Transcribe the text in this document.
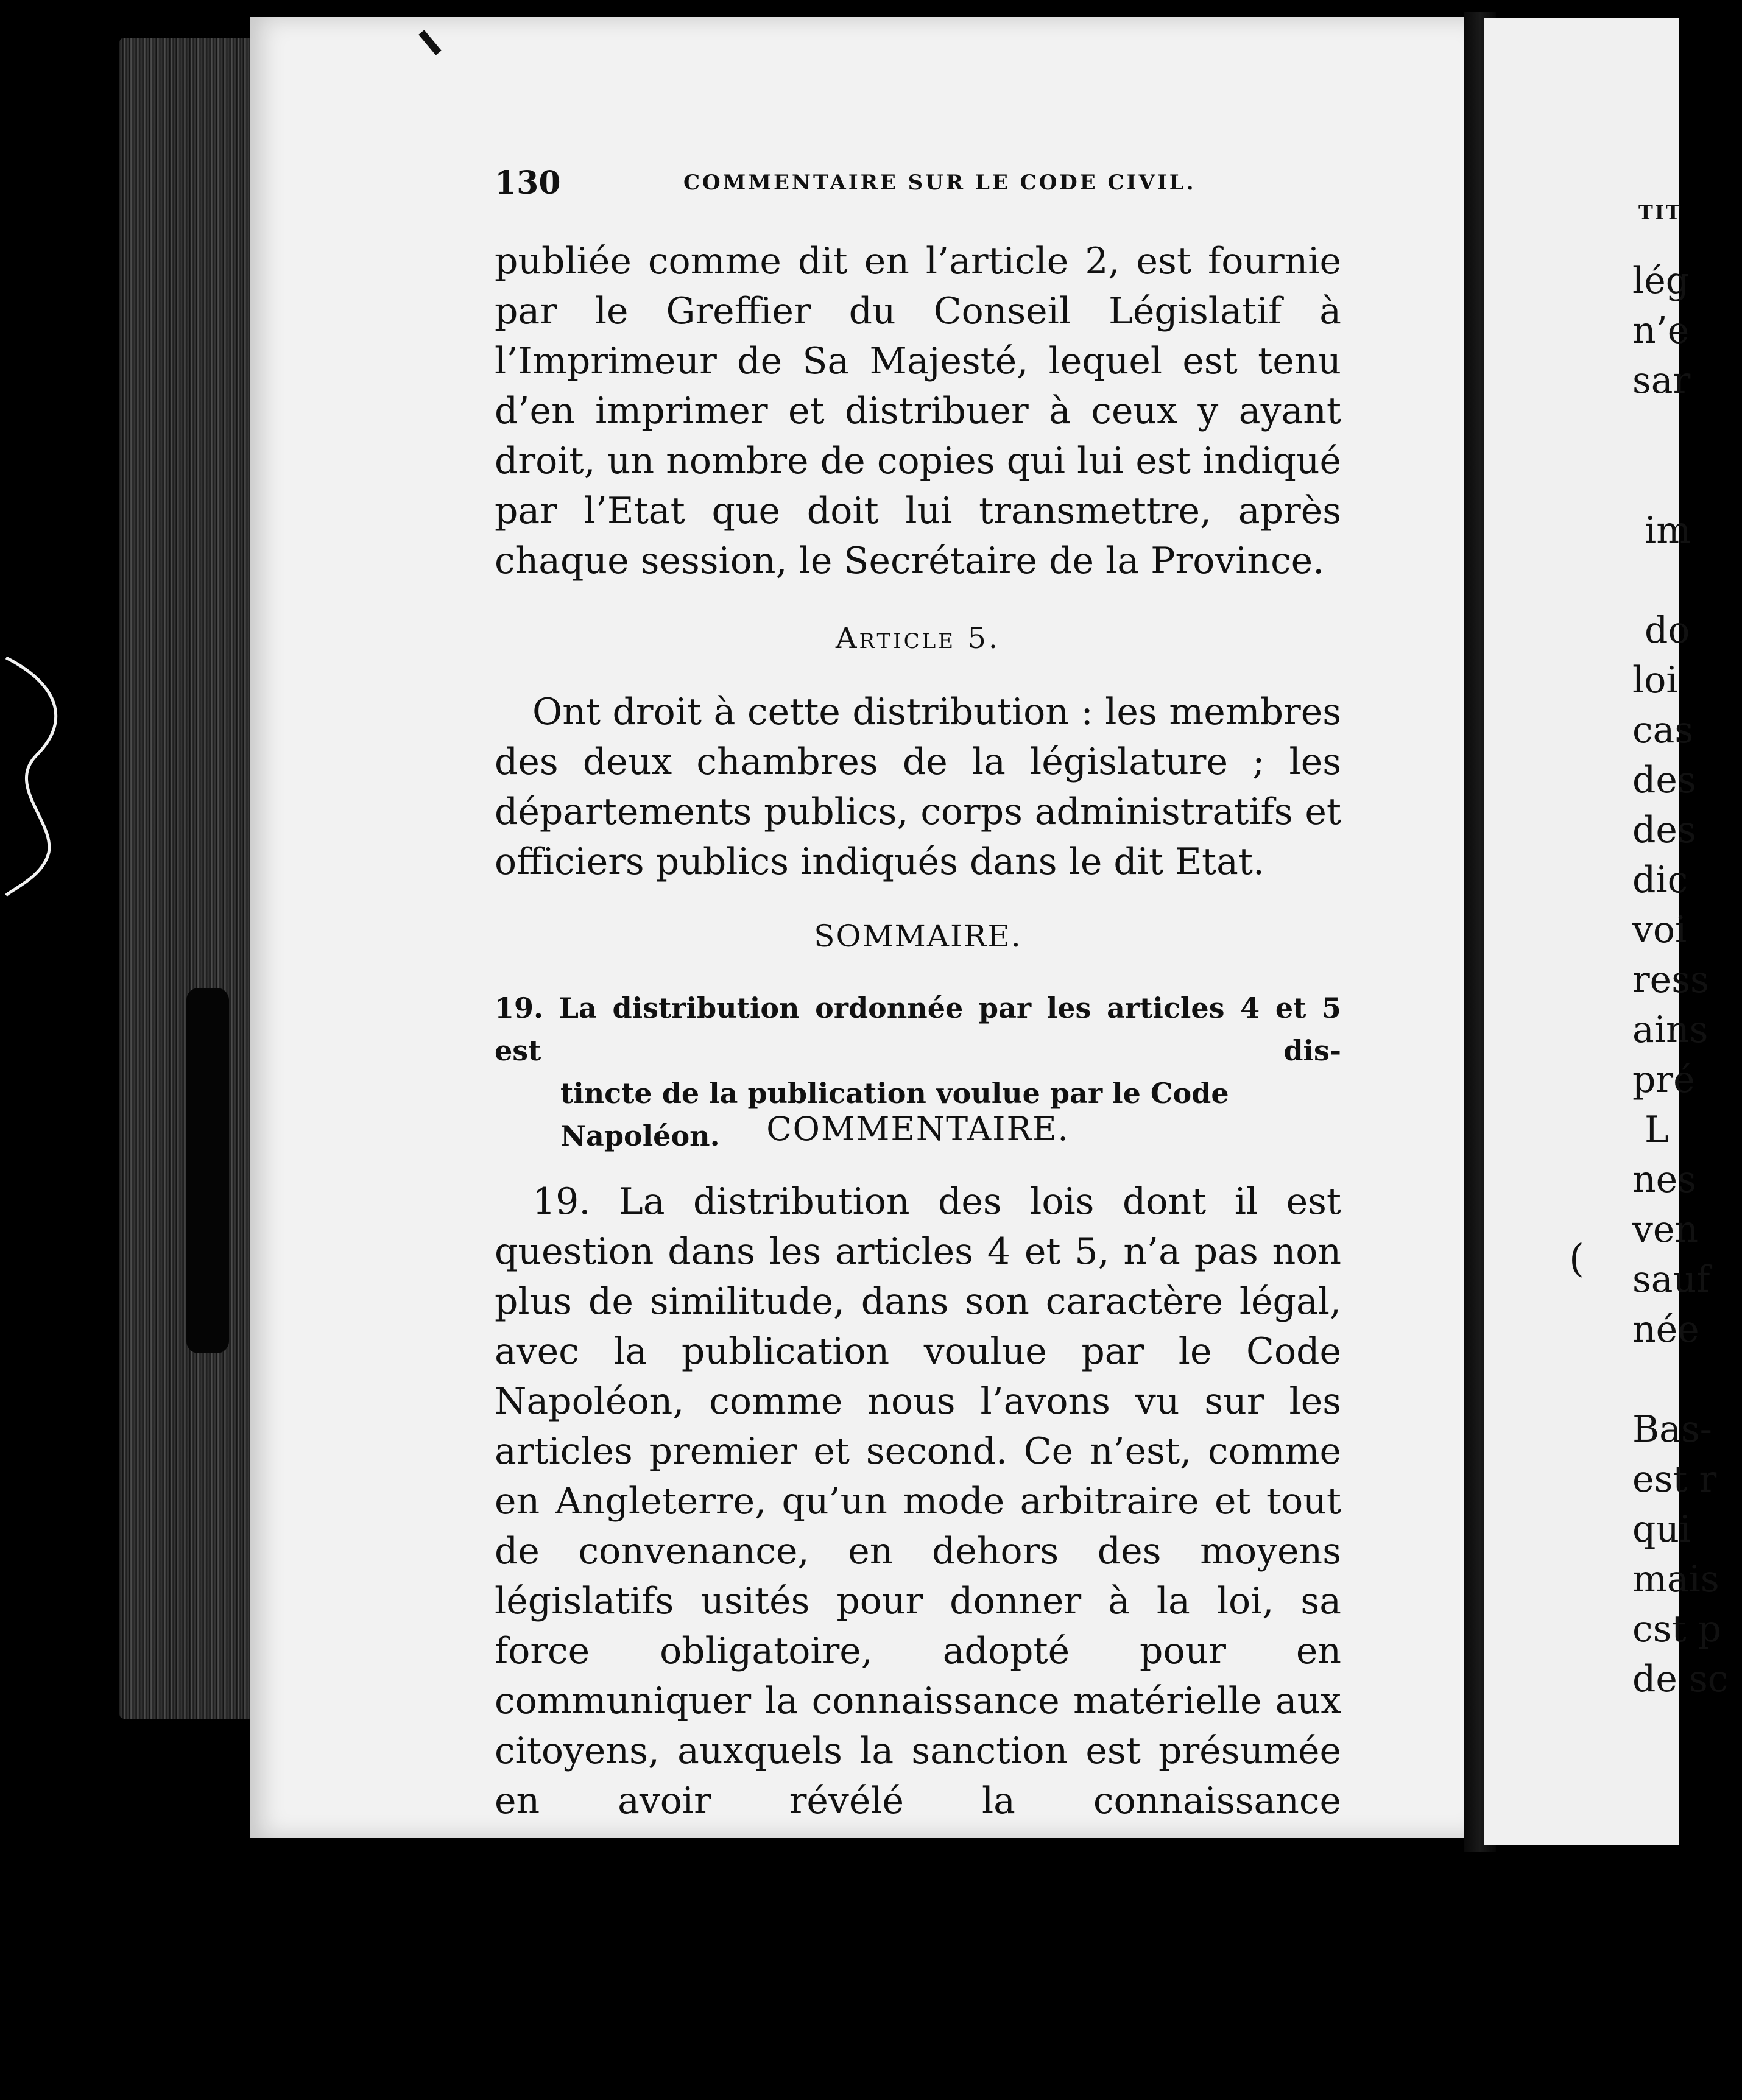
130	COMMENTAIRE SUR LE CODE CIVIL.
publiée comme dit en l’article 2, est fournie par le Greffier du Conseil Législatif à l’Imprimeur de Sa Majesté, lequel est tenu d’en imprimer et distribuer à ceux y ayant droit, un nombre de copies qui lui est indiqué par l’Etat que doit lui transmettre, après chaque session, le Secrétaire de la Province.
Article 5.
Ont droit à cette distribution : les membres des deux chambres de la législature ; les départements publics, corps administratifs et officiers publics indiqués dans le dit Etat.
SOMMAIRE.
19. La distribution ordonnée par les articles 4 et 5 est dis-
tincte de la publication voulue par le Code Napoléon.	COMMENTAIRE.
19. La distribution des lois dont il est question dans les articles 4 et 5, n’a pas non plus de similitude, dans son caractère légal, avec la publication voulue par le Code Napoléon, comme nous l’avons vu sur les articles premier et second. Ce n’est, comme en Angleterre, qu’un mode arbitraire et tout de convenance, en dehors des moyens législatifs usités pour donner à la loi, sa force obligatoire, adopté pour en communiquer la connaissance matérielle aux citoyens, auxquels la sanction est présumée en avoir révélé la connaissance
TIT
(
lég
n’e
sar
im
do
loi
cas
des
des
dic
voi
ress
ains
pré
L
nes
ven
sauf
née
Bas-
est r
qui
mais
cst p
de sc
